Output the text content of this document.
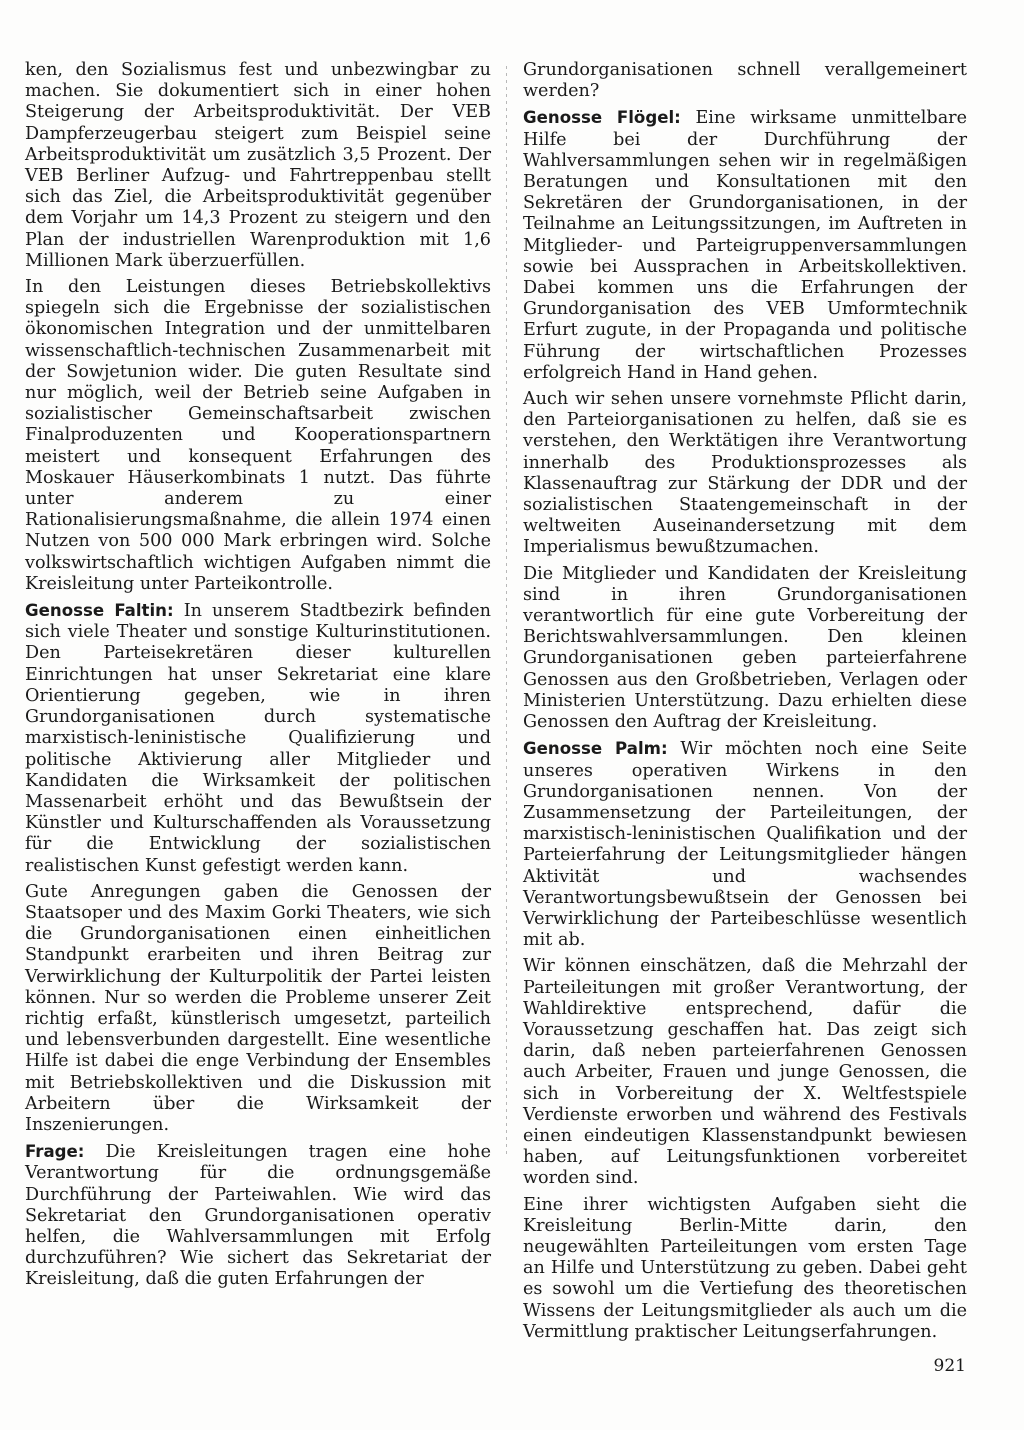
ken, den Sozialismus fest und unbezwingbar zu machen. Sie dokumentiert sich in einer hohen Steigerung der Arbeitsproduktivität. Der VEB Dampferzeugerbau steigert zum Beispiel seine Arbeitsproduktivität um zusätzlich 3,5 Prozent. Der VEB Berliner Aufzug- und Fahrtreppenbau stellt sich das Ziel, die Arbeitsproduktivität gegenüber dem Vorjahr um 14,3 Prozent zu steigern und den Plan der industriellen Warenproduktion mit 1,6 Millionen Mark überzuerfüllen.

In den Leistungen dieses Betriebskollektivs spiegeln sich die Ergebnisse der sozialistischen ökonomischen Integration und der unmittelbaren wissenschaftlich-technischen Zusammenarbeit mit der Sowjetunion wider. Die guten Resultate sind nur möglich, weil der Betrieb seine Aufgaben in sozialistischer Gemeinschaftsarbeit zwischen Finalproduzenten und Kooperationspartnern meistert und konsequent Erfahrungen des Moskauer Häuserkombinats 1 nutzt. Das führte unter anderem zu einer Rationalisierungsmaßnahme, die allein 1974 einen Nutzen von 500 000 Mark erbringen wird. Solche volkswirtschaftlich wichtigen Aufgaben nimmt die Kreisleitung unter Parteikontrolle.

Genosse Faltin: In unserem Stadtbezirk befinden sich viele Theater und sonstige Kulturinstitutionen. Den Parteisekretären dieser kulturellen Einrichtungen hat unser Sekretariat eine klare Orientierung gegeben, wie in ihren Grundorganisationen durch systematische marxistisch-leninistische Qualifizierung und politische Aktivierung aller Mitglieder und Kandidaten die Wirksamkeit der politischen Massenarbeit erhöht und das Bewußtsein der Künstler und Kulturschaffenden als Voraussetzung für die Entwicklung der sozialistischen realistischen Kunst gefestigt werden kann.

Gute Anregungen gaben die Genossen der Staatsoper und des Maxim Gorki Theaters, wie sich die Grundorganisationen einen einheitlichen Standpunkt erarbeiten und ihren Beitrag zur Verwirklichung der Kulturpolitik der Partei leisten können. Nur so werden die Probleme unserer Zeit richtig erfaßt, künstlerisch umgesetzt, parteilich und lebensverbunden dargestellt. Eine wesentliche Hilfe ist dabei die enge Verbindung der Ensembles mit Betriebskollektiven und die Diskussion mit Arbeitern über die Wirksamkeit der Inszenierungen.

Frage: Die Kreisleitungen tragen eine hohe Verantwortung für die ordnungsgemäße Durchführung der Parteiwahlen. Wie wird das Sekretariat den Grundorganisationen operativ helfen, die Wahlversammlungen mit Erfolg durchzuführen? Wie sichert das Sekretariat der Kreisleitung, daß die guten Erfahrungen der

Grundorganisationen schnell verallgemeinert werden?

Genosse Flögel: Eine wirksame unmittelbare Hilfe bei der Durchführung der Wahlversammlungen sehen wir in regelmäßigen Beratungen und Konsultationen mit den Sekretären der Grundorganisationen, in der Teilnahme an Leitungssitzungen, im Auftreten in Mitglieder- und Parteigruppenversammlungen sowie bei Aussprachen in Arbeitskollektiven. Dabei kommen uns die Erfahrungen der Grundorganisation des VEB Umformtechnik Erfurt zugute, in der Propaganda und politische Führung der wirtschaftlichen Prozesses erfolgreich Hand in Hand gehen.

Auch wir sehen unsere vornehmste Pflicht darin, den Parteiorganisationen zu helfen, daß sie es verstehen, den Werktätigen ihre Verantwortung innerhalb des Produktionsprozesses als Klassenauftrag zur Stärkung der DDR und der sozialistischen Staatengemeinschaft in der weltweiten Auseinandersetzung mit dem Imperialismus bewußtzumachen.

Die Mitglieder und Kandidaten der Kreisleitung sind in ihren Grundorganisationen verantwortlich für eine gute Vorbereitung der Berichtswahlversammlungen. Den kleinen Grundorganisationen geben parteierfahrene Genossen aus den Großbetrieben, Verlagen oder Ministerien Unterstützung. Dazu erhielten diese Genossen den Auftrag der Kreisleitung.

Genosse Palm: Wir möchten noch eine Seite unseres operativen Wirkens in den Grundorganisationen nennen. Von der Zusammensetzung der Parteileitungen, der marxistisch-leninistischen Qualifikation und der Parteierfahrung der Leitungsmitglieder hängen Aktivität und wachsendes Verantwortungsbewußtsein der Genossen bei Verwirklichung der Parteibeschlüsse wesentlich mit ab.

Wir können einschätzen, daß die Mehrzahl der Parteileitungen mit großer Verantwortung, der Wahldirektive entsprechend, dafür die Voraussetzung geschaffen hat. Das zeigt sich darin, daß neben parteierfahrenen Genossen auch Arbeiter, Frauen und junge Genossen, die sich in Vorbereitung der X. Weltfestspiele Verdienste erworben und während des Festivals einen eindeutigen Klassenstandpunkt bewiesen haben, auf Leitungsfunktionen vorbereitet worden sind.

Eine ihrer wichtigsten Aufgaben sieht die Kreisleitung Berlin-Mitte darin, den neugewählten Parteileitungen vom ersten Tage an Hilfe und Unterstützung zu geben. Dabei geht es sowohl um die Vertiefung des theoretischen Wissens der Leitungsmitglieder als auch um die Vermittlung praktischer Leitungserfahrungen.

921
